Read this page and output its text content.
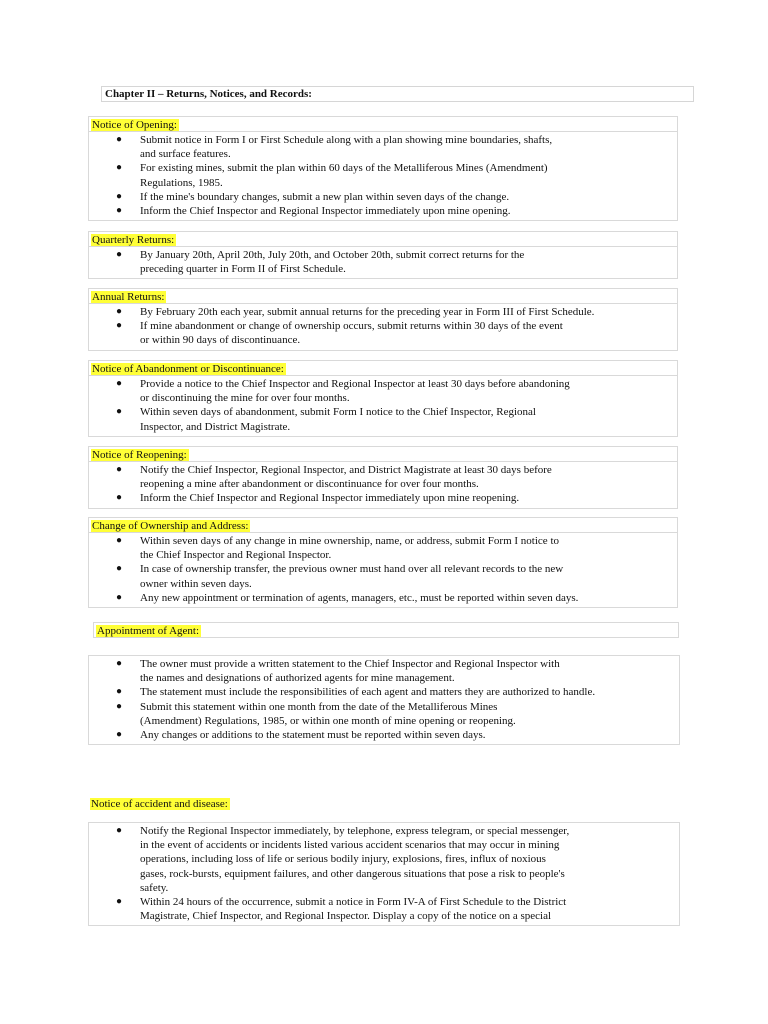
Chapter II – Returns, Notices, and Records:
Notice of Opening:
● Submit notice in Form I or First Schedule along with a plan showing mine boundaries, shafts,
and surface features.
● For existing mines, submit the plan within 60 days of the Metalliferous Mines (Amendment)
Regulations, 1985.
● If the mine's boundary changes, submit a new plan within seven days of the change.
● Inform the Chief Inspector and Regional Inspector immediately upon mine opening.
Quarterly Returns:
● By January 20th, April 20th, July 20th, and October 20th, submit correct returns for the
preceding quarter in Form II of First Schedule.
Annual Returns:
● By February 20th each year, submit annual returns for the preceding year in Form III of First Schedule.
● If mine abandonment or change of ownership occurs, submit returns within 30 days of the event
or within 90 days of discontinuance.
Notice of Abandonment or Discontinuance:
● Provide a notice to the Chief Inspector and Regional Inspector at least 30 days before abandoning
or discontinuing the mine for over four months.
● Within seven days of abandonment, submit Form I notice to the Chief Inspector, Regional
Inspector, and District Magistrate.
Notice of Reopening:
● Notify the Chief Inspector, Regional Inspector, and District Magistrate at least 30 days before
reopening a mine after abandonment or discontinuance for over four months.
● Inform the Chief Inspector and Regional Inspector immediately upon mine reopening.
Change of Ownership and Address:
● Within seven days of any change in mine ownership, name, or address, submit Form I notice to
the Chief Inspector and Regional Inspector.
● In case of ownership transfer, the previous owner must hand over all relevant records to the new
owner within seven days.
● Any new appointment or termination of agents, managers, etc., must be reported within seven days.
Appointment of Agent:
● The owner must provide a written statement to the Chief Inspector and Regional Inspector with
the names and designations of authorized agents for mine management.
● The statement must include the responsibilities of each agent and matters they are authorized to handle.
● Submit this statement within one month from the date of the Metalliferous Mines
(Amendment) Regulations, 1985, or within one month of mine opening or reopening.
● Any changes or additions to the statement must be reported within seven days.
Notice of accident and disease:
● Notify the Regional Inspector immediately, by telephone, express telegram, or special messenger,
in the event of accidents or incidents listed various accident scenarios that may occur in mining
operations, including loss of life or serious bodily injury, explosions, fires, influx of noxious
gases, rock-bursts, equipment failures, and other dangerous situations that pose a risk to people's
safety.
● Within 24 hours of the occurrence, submit a notice in Form IV-A of First Schedule to the District
Magistrate, Chief Inspector, and Regional Inspector. Display a copy of the notice on a special
